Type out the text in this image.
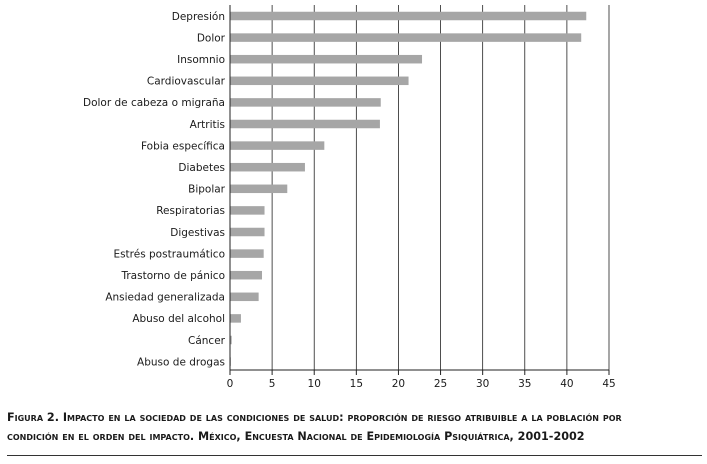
0	5	10	15	20	25	30	35	40	45
Depresión
Dolor
Insomnio
Cardiovascular
Dolor de cabeza o migraña
Artritis
Fobia específica
Diabetes
Bipolar
Respiratorias
Digestivas
Estrés postraumático
Trastorno de pánico
Ansiedad generalizada
Abuso del alcohol
Cáncer
Abuso de drogas
Figura 2. Impacto en la sociedad de las condiciones de salud: proporción de riesgo atribuible a la población por
condición en el orden del impacto. México, Encuesta Nacional de Epidemiología Psiquiátrica, 2001-2002
